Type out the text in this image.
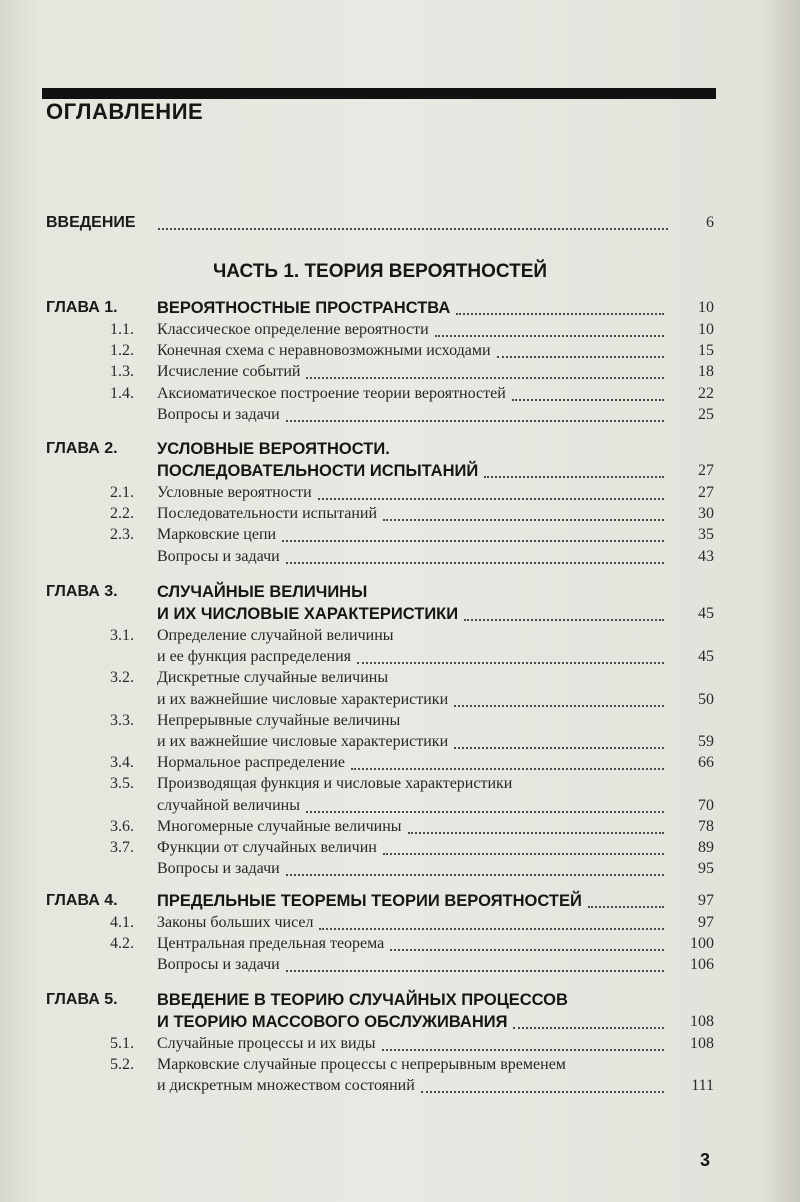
ОГЛАВЛЕНИЕ
ВВЕДЕНИЕ	6
ЧАСТЬ 1. ТЕОРИЯ ВЕРОЯТНОСТЕЙ
ГЛАВА 1. ВЕРОЯТНОСТНЫЕ ПРОСТРАНСТВА	10
1.1. Классическое определение вероятности	10
1.2. Конечная схема с неравновозможными исходами	15
1.3. Исчисление событий	18
1.4. Аксиоматическое построение теории вероятностей	22
Вопросы и задачи	25
ГЛАВА 2. УСЛОВНЫЕ ВЕРОЯТНОСТИ.
ПОСЛЕДОВАТЕЛЬНОСТИ ИСПЫТАНИЙ	27
2.1. Условные вероятности	27
2.2. Последовательности испытаний	30
2.3. Марковские цепи	35
Вопросы и задачи	43
ГЛАВА 3. СЛУЧАЙНЫЕ ВЕЛИЧИНЫ
И ИХ ЧИСЛОВЫЕ ХАРАКТЕРИСТИКИ	45
3.1. Определение случайной величины
и ее функция распределения	45
3.2. Дискретные случайные величины
и их важнейшие числовые характеристики	50
3.3. Непрерывные случайные величины
и их важнейшие числовые характеристики	59
3.4. Нормальное распределение	66
3.5. Производящая функция и числовые характеристики
случайной величины	70
3.6. Многомерные случайные величины	78
3.7. Функции от случайных величин	89
Вопросы и задачи	95
ГЛАВА 4. ПРЕДЕЛЬНЫЕ ТЕОРЕМЫ ТЕОРИИ ВЕРОЯТНОСТЕЙ	97
4.1. Законы больших чисел	97
4.2. Центральная предельная теорема	100
Вопросы и задачи	106
ГЛАВА 5. ВВЕДЕНИЕ В ТЕОРИЮ СЛУЧАЙНЫХ ПРОЦЕССОВ
И ТЕОРИЮ МАССОВОГО ОБСЛУЖИВАНИЯ	108
5.1. Случайные процессы и их виды	108
5.2. Марковские случайные процессы с непрерывным временем
и дискретным множеством состояний	111
3
